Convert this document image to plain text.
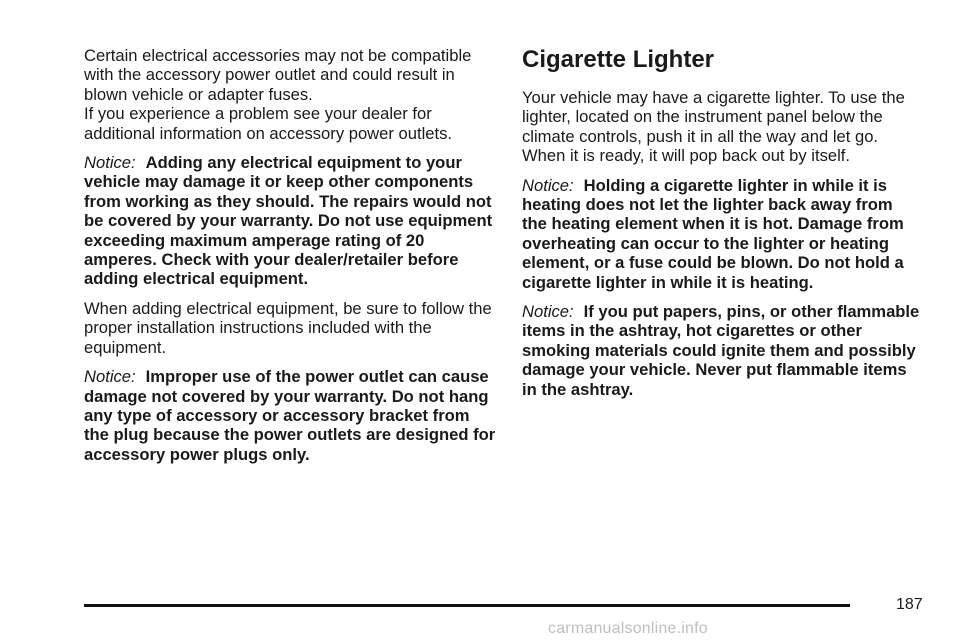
Certain electrical accessories may not be compatible with the accessory power outlet and could result in blown vehicle or adapter fuses.
If you experience a problem see your dealer for additional information on accessory power outlets.

Notice: Adding any electrical equipment to your vehicle may damage it or keep other components from working as they should. The repairs would not be covered by your warranty. Do not use equipment exceeding maximum amperage rating of 20 amperes. Check with your dealer/retailer before adding electrical equipment.

When adding electrical equipment, be sure to follow the proper installation instructions included with the equipment.

Notice: Improper use of the power outlet can cause damage not covered by your warranty. Do not hang any type of accessory or accessory bracket from the plug because the power outlets are designed for accessory power plugs only.

Cigarette Lighter

Your vehicle may have a cigarette lighter. To use the lighter, located on the instrument panel below the climate controls, push it in all the way and let go. When it is ready, it will pop back out by itself.

Notice: Holding a cigarette lighter in while it is heating does not let the lighter back away from the heating element when it is hot. Damage from overheating can occur to the lighter or heating element, or a fuse could be blown. Do not hold a cigarette lighter in while it is heating.

Notice: If you put papers, pins, or other flammable items in the ashtray, hot cigarettes or other smoking materials could ignite them and possibly damage your vehicle. Never put flammable items in the ashtray.

187
carmanualsonline.info
